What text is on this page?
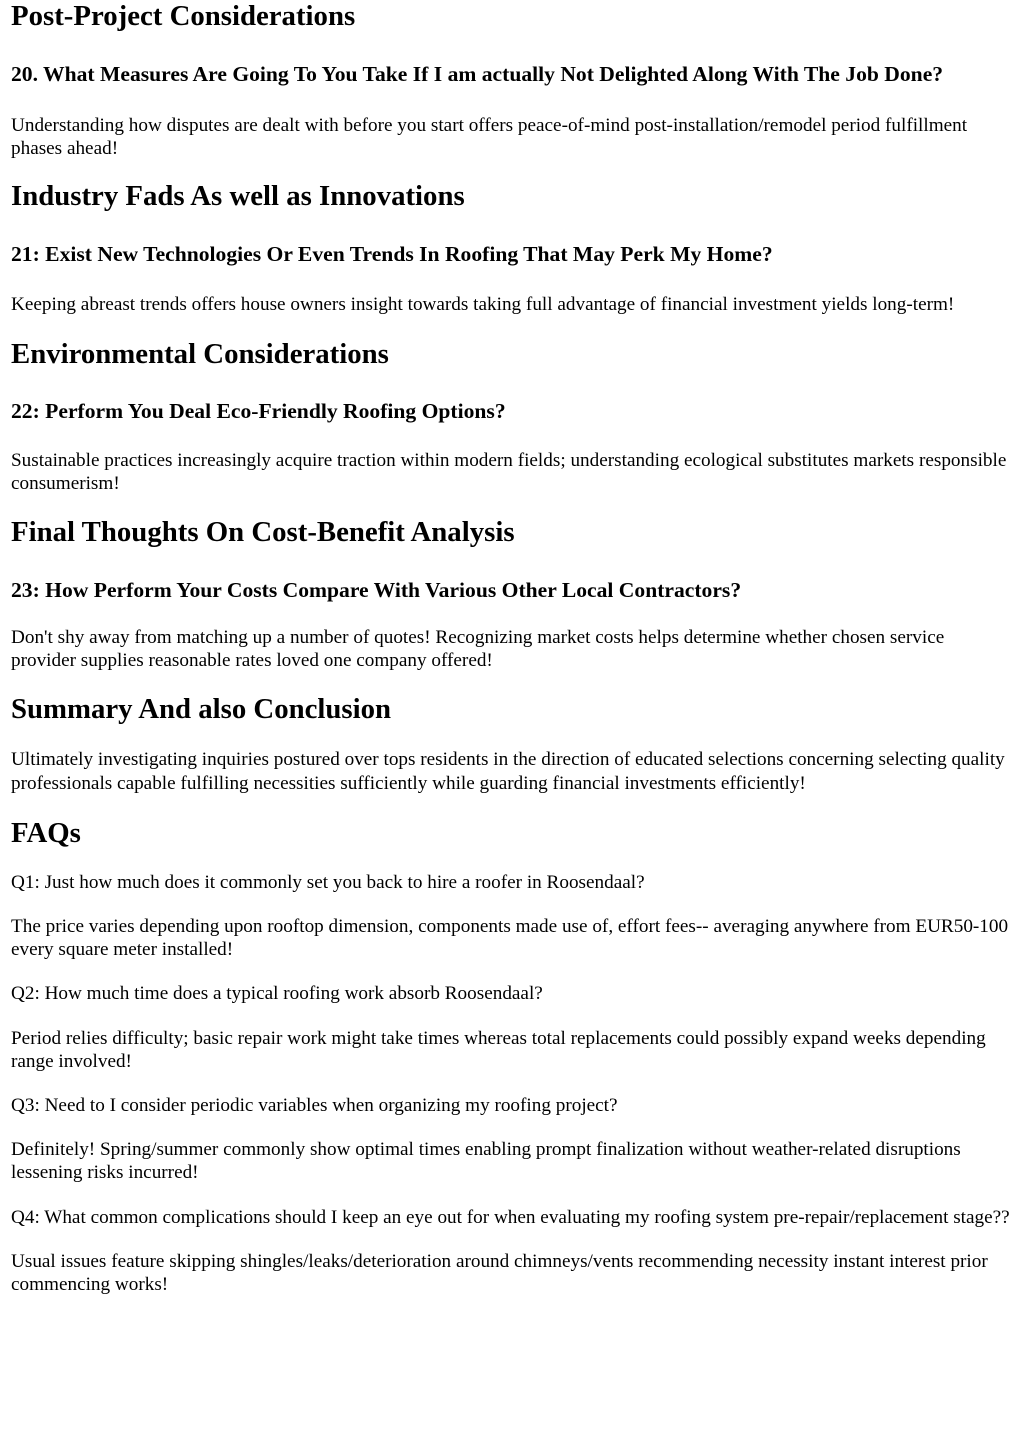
Post-Project Considerations
20. What Measures Are Going To You Take If I am actually Not Delighted Along With The Job Done?

Understanding how disputes are dealt with before you start offers peace-of-mind post-installation/remodel period fulfillment phases ahead!

Industry Fads As well as Innovations
21: Exist New Technologies Or Even Trends In Roofing That May Perk My Home?

Keeping abreast trends offers house owners insight towards taking full advantage of financial investment yields long-term!

Environmental Considerations
22: Perform You Deal Eco-Friendly Roofing Options?

Sustainable practices increasingly acquire traction within modern fields; understanding ecological substitutes markets responsible consumerism!

Final Thoughts On Cost-Benefit Analysis
23: How Perform Your Costs Compare With Various Other Local Contractors?

Don't shy away from matching up a number of quotes! Recognizing market costs helps determine whether chosen service provider supplies reasonable rates loved one company offered!

Summary And also Conclusion

Ultimately investigating inquiries postured over tops residents in the direction of educated selections concerning selecting quality professionals capable fulfilling necessities sufficiently while guarding financial investments efficiently!

FAQs

Q1: Just how much does it commonly set you back to hire a roofer in Roosendaal?

The price varies depending upon rooftop dimension, components made use of, effort fees-- averaging anywhere from EUR50-100 every square meter installed!

Q2: How much time does a typical roofing work absorb Roosendaal?

Period relies difficulty; basic repair work might take times whereas total replacements could possibly expand weeks depending range involved!

Q3: Need to I consider periodic variables when organizing my roofing project?

Definitely! Spring/summer commonly show optimal times enabling prompt finalization without weather-related disruptions lessening risks incurred!

Q4: What common complications should I keep an eye out for when evaluating my roofing system pre-repair/replacement stage??

Usual issues feature skipping shingles/leaks/deterioration around chimneys/vents recommending necessity instant interest prior commencing works!
